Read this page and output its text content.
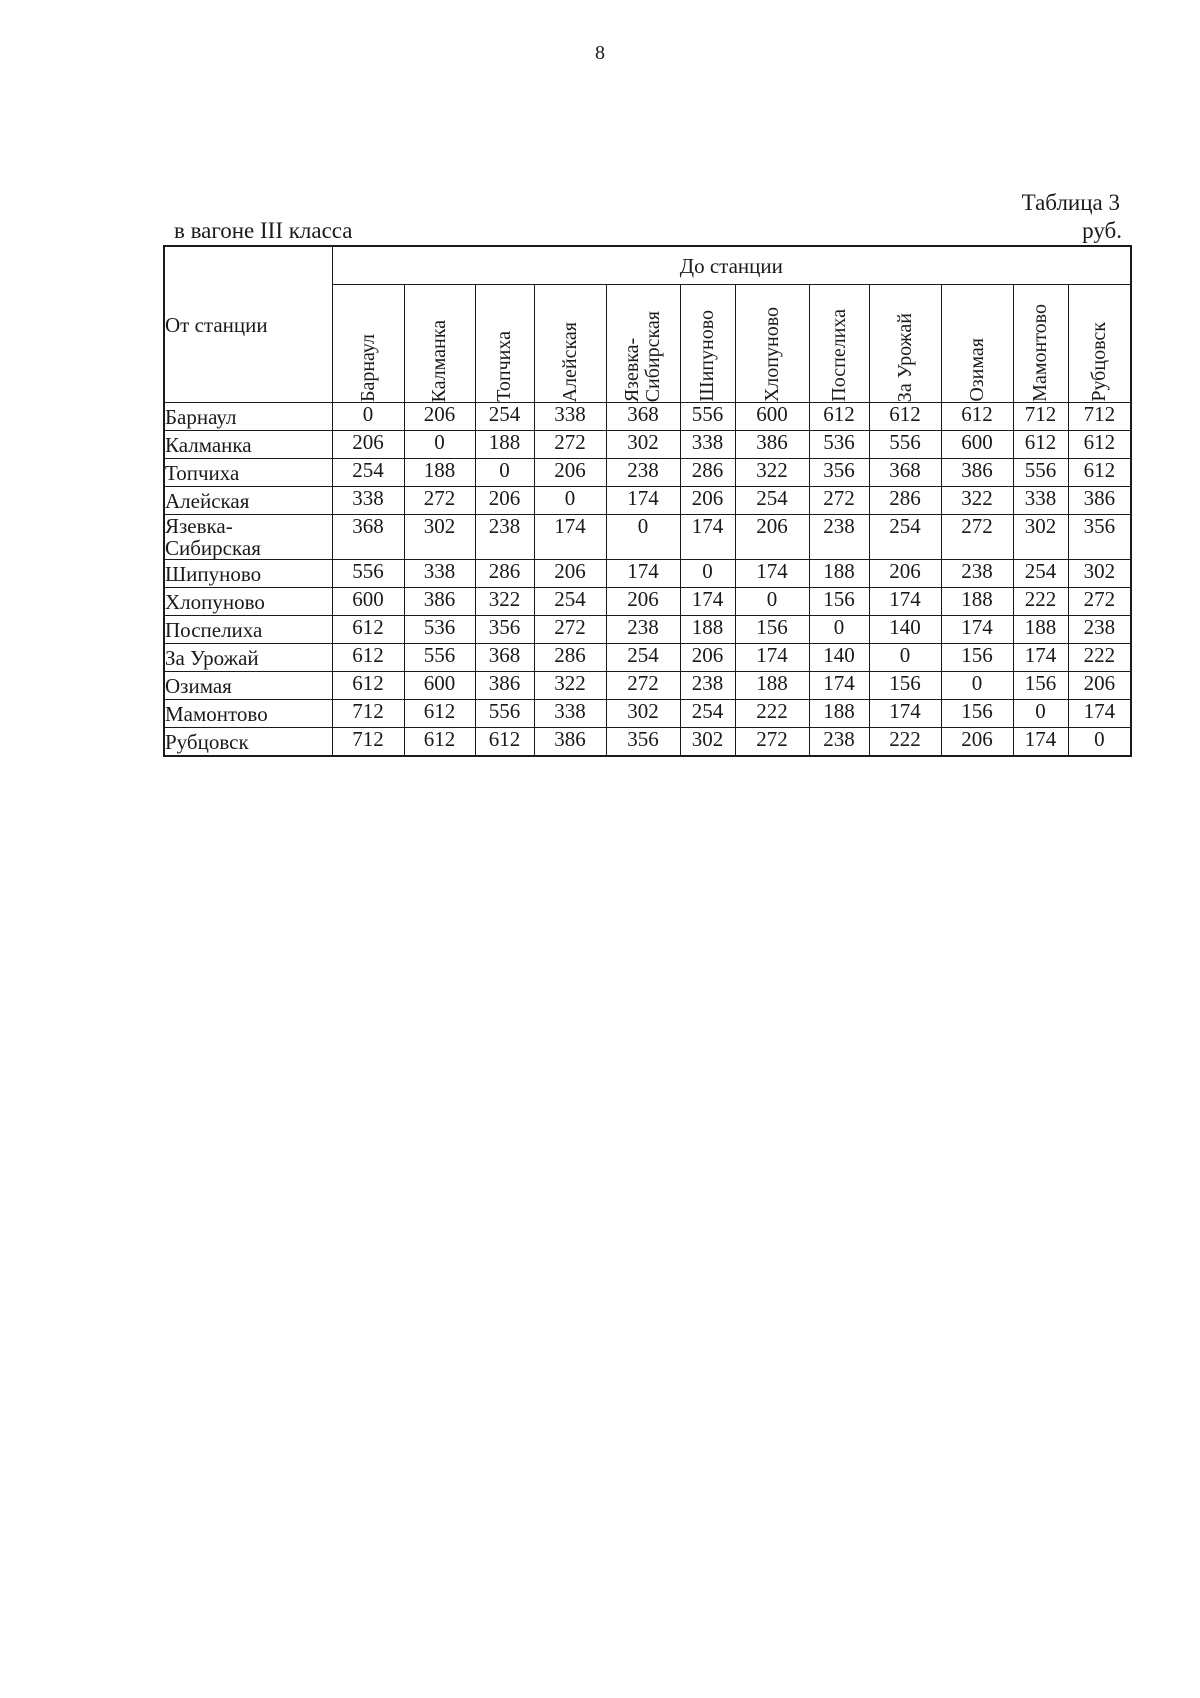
8
Таблица 3
в вагоне III класса	руб.
От станции	До станции											

	Барнаул	Калманка	Топчиха	Алейская	Язевка-
Сибирская	Шипуново	Хлопуново	Поспелиха	За Урожай	Озимая	Мамонтово	Рубцовск

Барнаул	0	206	254	338	368	556	600	612	612	612	712	712
Калманка	206	0	188	272	302	338	386	536	556	600	612	612
Топчиха	254	188	0	206	238	286	322	356	368	386	556	612
Алейская	338	272	206	0	174	206	254	272	286	322	338	386
Язевка-
Сибирская	368	302	238	174	0	174	206	238	254	272	302	356
Шипуново	556	338	286	206	174	0	174	188	206	238	254	302
Хлопуново	600	386	322	254	206	174	0	156	174	188	222	272
Поспелиха	612	536	356	272	238	188	156	0	140	174	188	238
За Урожай	612	556	368	286	254	206	174	140	0	156	174	222
Озимая	612	600	386	322	272	238	188	174	156	0	156	206
Мамонтово	712	612	556	338	302	254	222	188	174	156	0	174
Рубцовск	712	612	612	386	356	302	272	238	222	206	174	0
